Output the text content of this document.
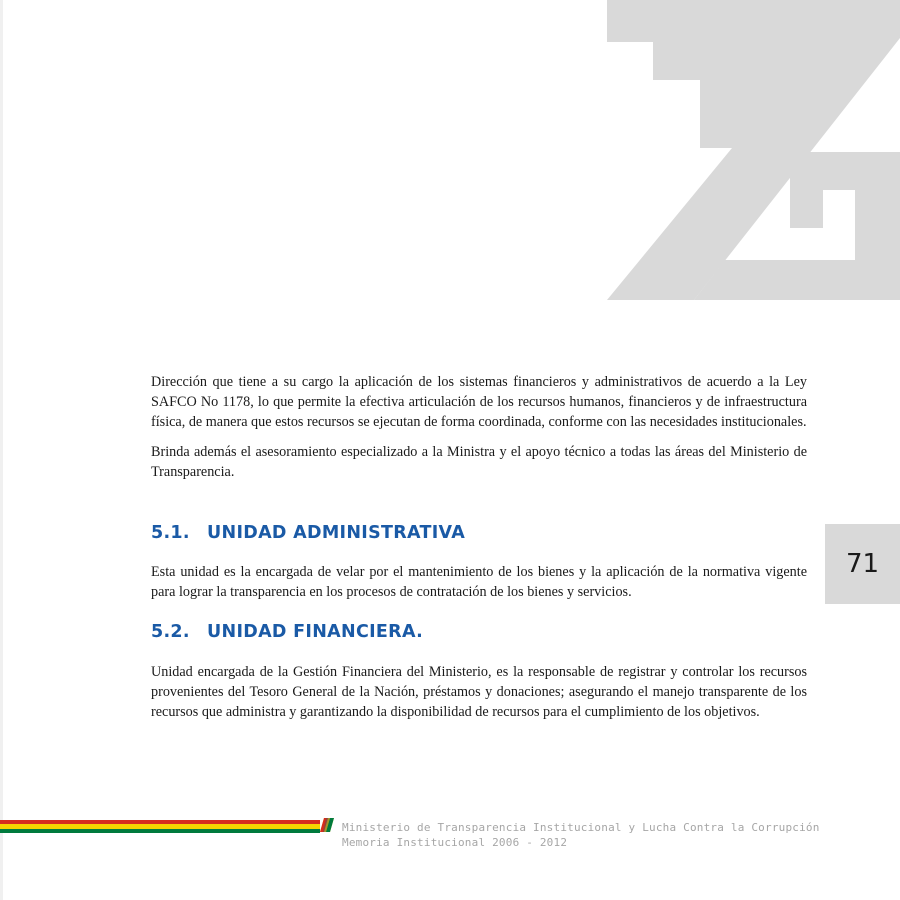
Dirección que tiene a su cargo la aplicación de los sistemas financieros y administrativos de acuerdo a la Ley SAFCO No 1178, lo que permite la efectiva articulación de los recursos humanos, financieros y de infraestructura física, de manera que estos recursos se ejecutan de forma coordinada, conforme con las necesidades institucionales.

Brinda además el asesoramiento especializado a la Ministra y el apoyo técnico a todas las áreas del Ministerio de Transparencia.

5.1. UNIDAD ADMINISTRATIVA

Esta unidad es la encargada de velar por el mantenimiento de los bienes y la aplicación de la normativa vigente para lograr la transparencia en los procesos de contratación de los bienes y servicios.

5.2. UNIDAD FINANCIERA.

Unidad encargada de la Gestión Financiera del Ministerio, es la responsable de registrar y controlar los recursos provenientes del Tesoro General de la Nación, préstamos y donaciones; asegurando el manejo transparente de los recursos que administra y garantizando la disponibilidad de recursos para el cumplimiento de los objetivos.

71
Ministerio de Transparencia Institucional y Lucha Contra la Corrupción
Memoria Institucional 2006 - 2012
